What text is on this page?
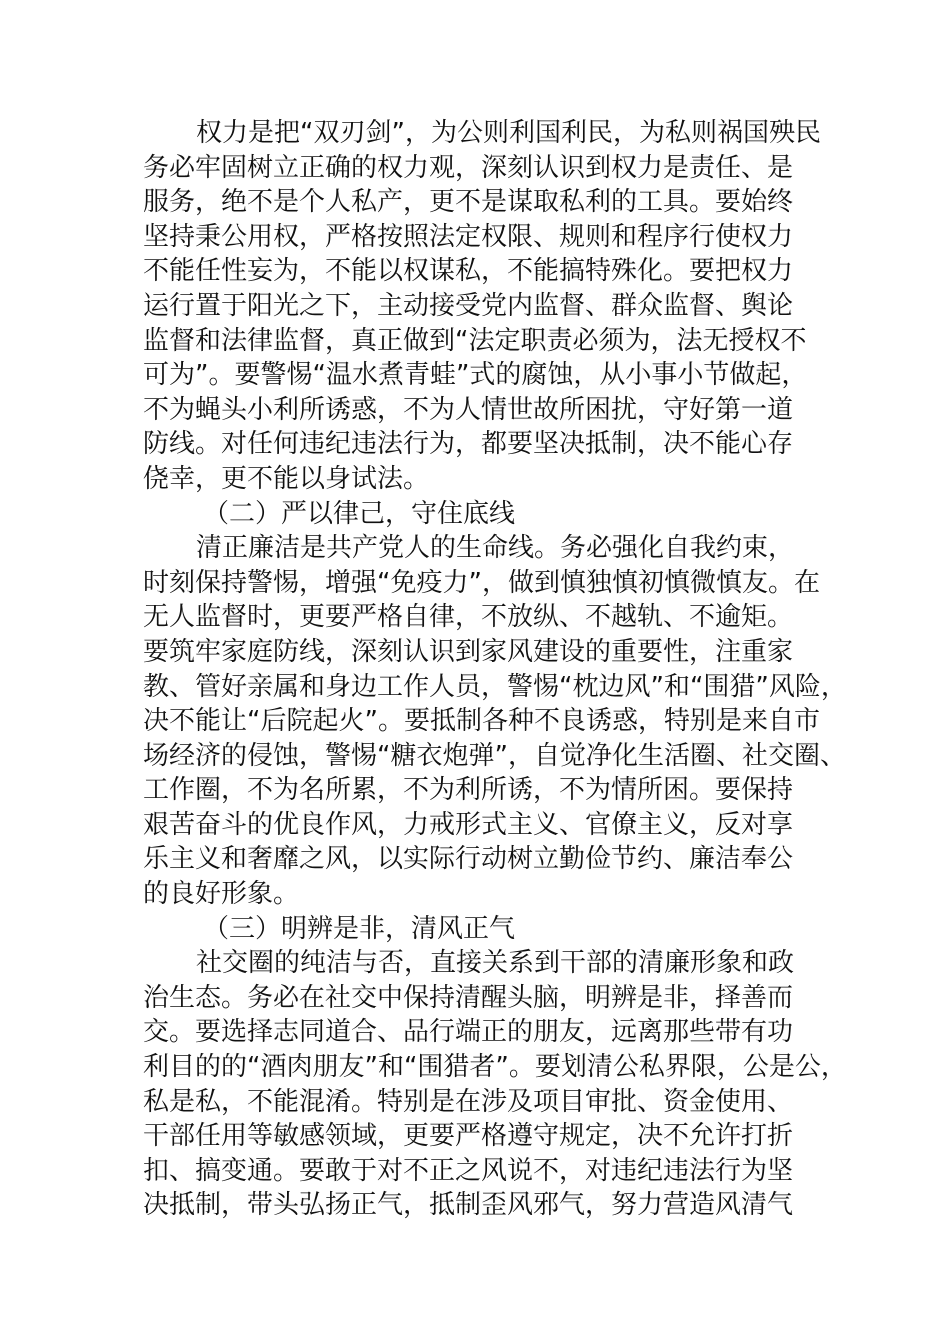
权力是把“双刃剑”，为公则利国利民，为私则祸国殃民
务必牢固树立正确的权力观，深刻认识到权力是责任、是
服务，绝不是个人私产，更不是谋取私利的工具。要始终
坚持秉公用权，严格按照法定权限、规则和程序行使权力
不能任性妄为，不能以权谋私，不能搞特殊化。要把权力
运行置于阳光之下，主动接受党内监督、群众监督、舆论
监督和法律监督，真正做到“法定职责必须为，法无授权不
可为”。要警惕“温水煮青蛙”式的腐蚀，从小事小节做起，
不为蝇头小利所诱惑，不为人情世故所困扰，守好第一道
防线。对任何违纪违法行为，都要坚决抵制，决不能心存
侥幸，更不能以身试法。
（二）严以律己，守住底线
清正廉洁是共产党人的生命线。务必强化自我约束，
时刻保持警惕，增强“免疫力”，做到慎独慎初慎微慎友。在
无人监督时，更要严格自律，不放纵、不越轨、不逾矩。
要筑牢家庭防线，深刻认识到家风建设的重要性，注重家
教、管好亲属和身边工作人员，警惕“枕边风”和“围猎”风险，
决不能让“后院起火”。要抵制各种不良诱惑，特别是来自市
场经济的侵蚀，警惕“糖衣炮弹”，自觉净化生活圈、社交圈、
工作圈，不为名所累，不为利所诱，不为情所困。要保持
艰苦奋斗的优良作风，力戒形式主义、官僚主义，反对享
乐主义和奢靡之风，以实际行动树立勤俭节约、廉洁奉公
的良好形象。
（三）明辨是非，清风正气
社交圈的纯洁与否，直接关系到干部的清廉形象和政
治生态。务必在社交中保持清醒头脑，明辨是非，择善而
交。要选择志同道合、品行端正的朋友，远离那些带有功
利目的的“酒肉朋友”和“围猎者”。要划清公私界限，公是公，
私是私，不能混淆。特别是在涉及项目审批、资金使用、
干部任用等敏感领域，更要严格遵守规定，决不允许打折
扣、搞变通。要敢于对不正之风说不，对违纪违法行为坚
决抵制，带头弘扬正气，抵制歪风邪气，努力营造风清气
